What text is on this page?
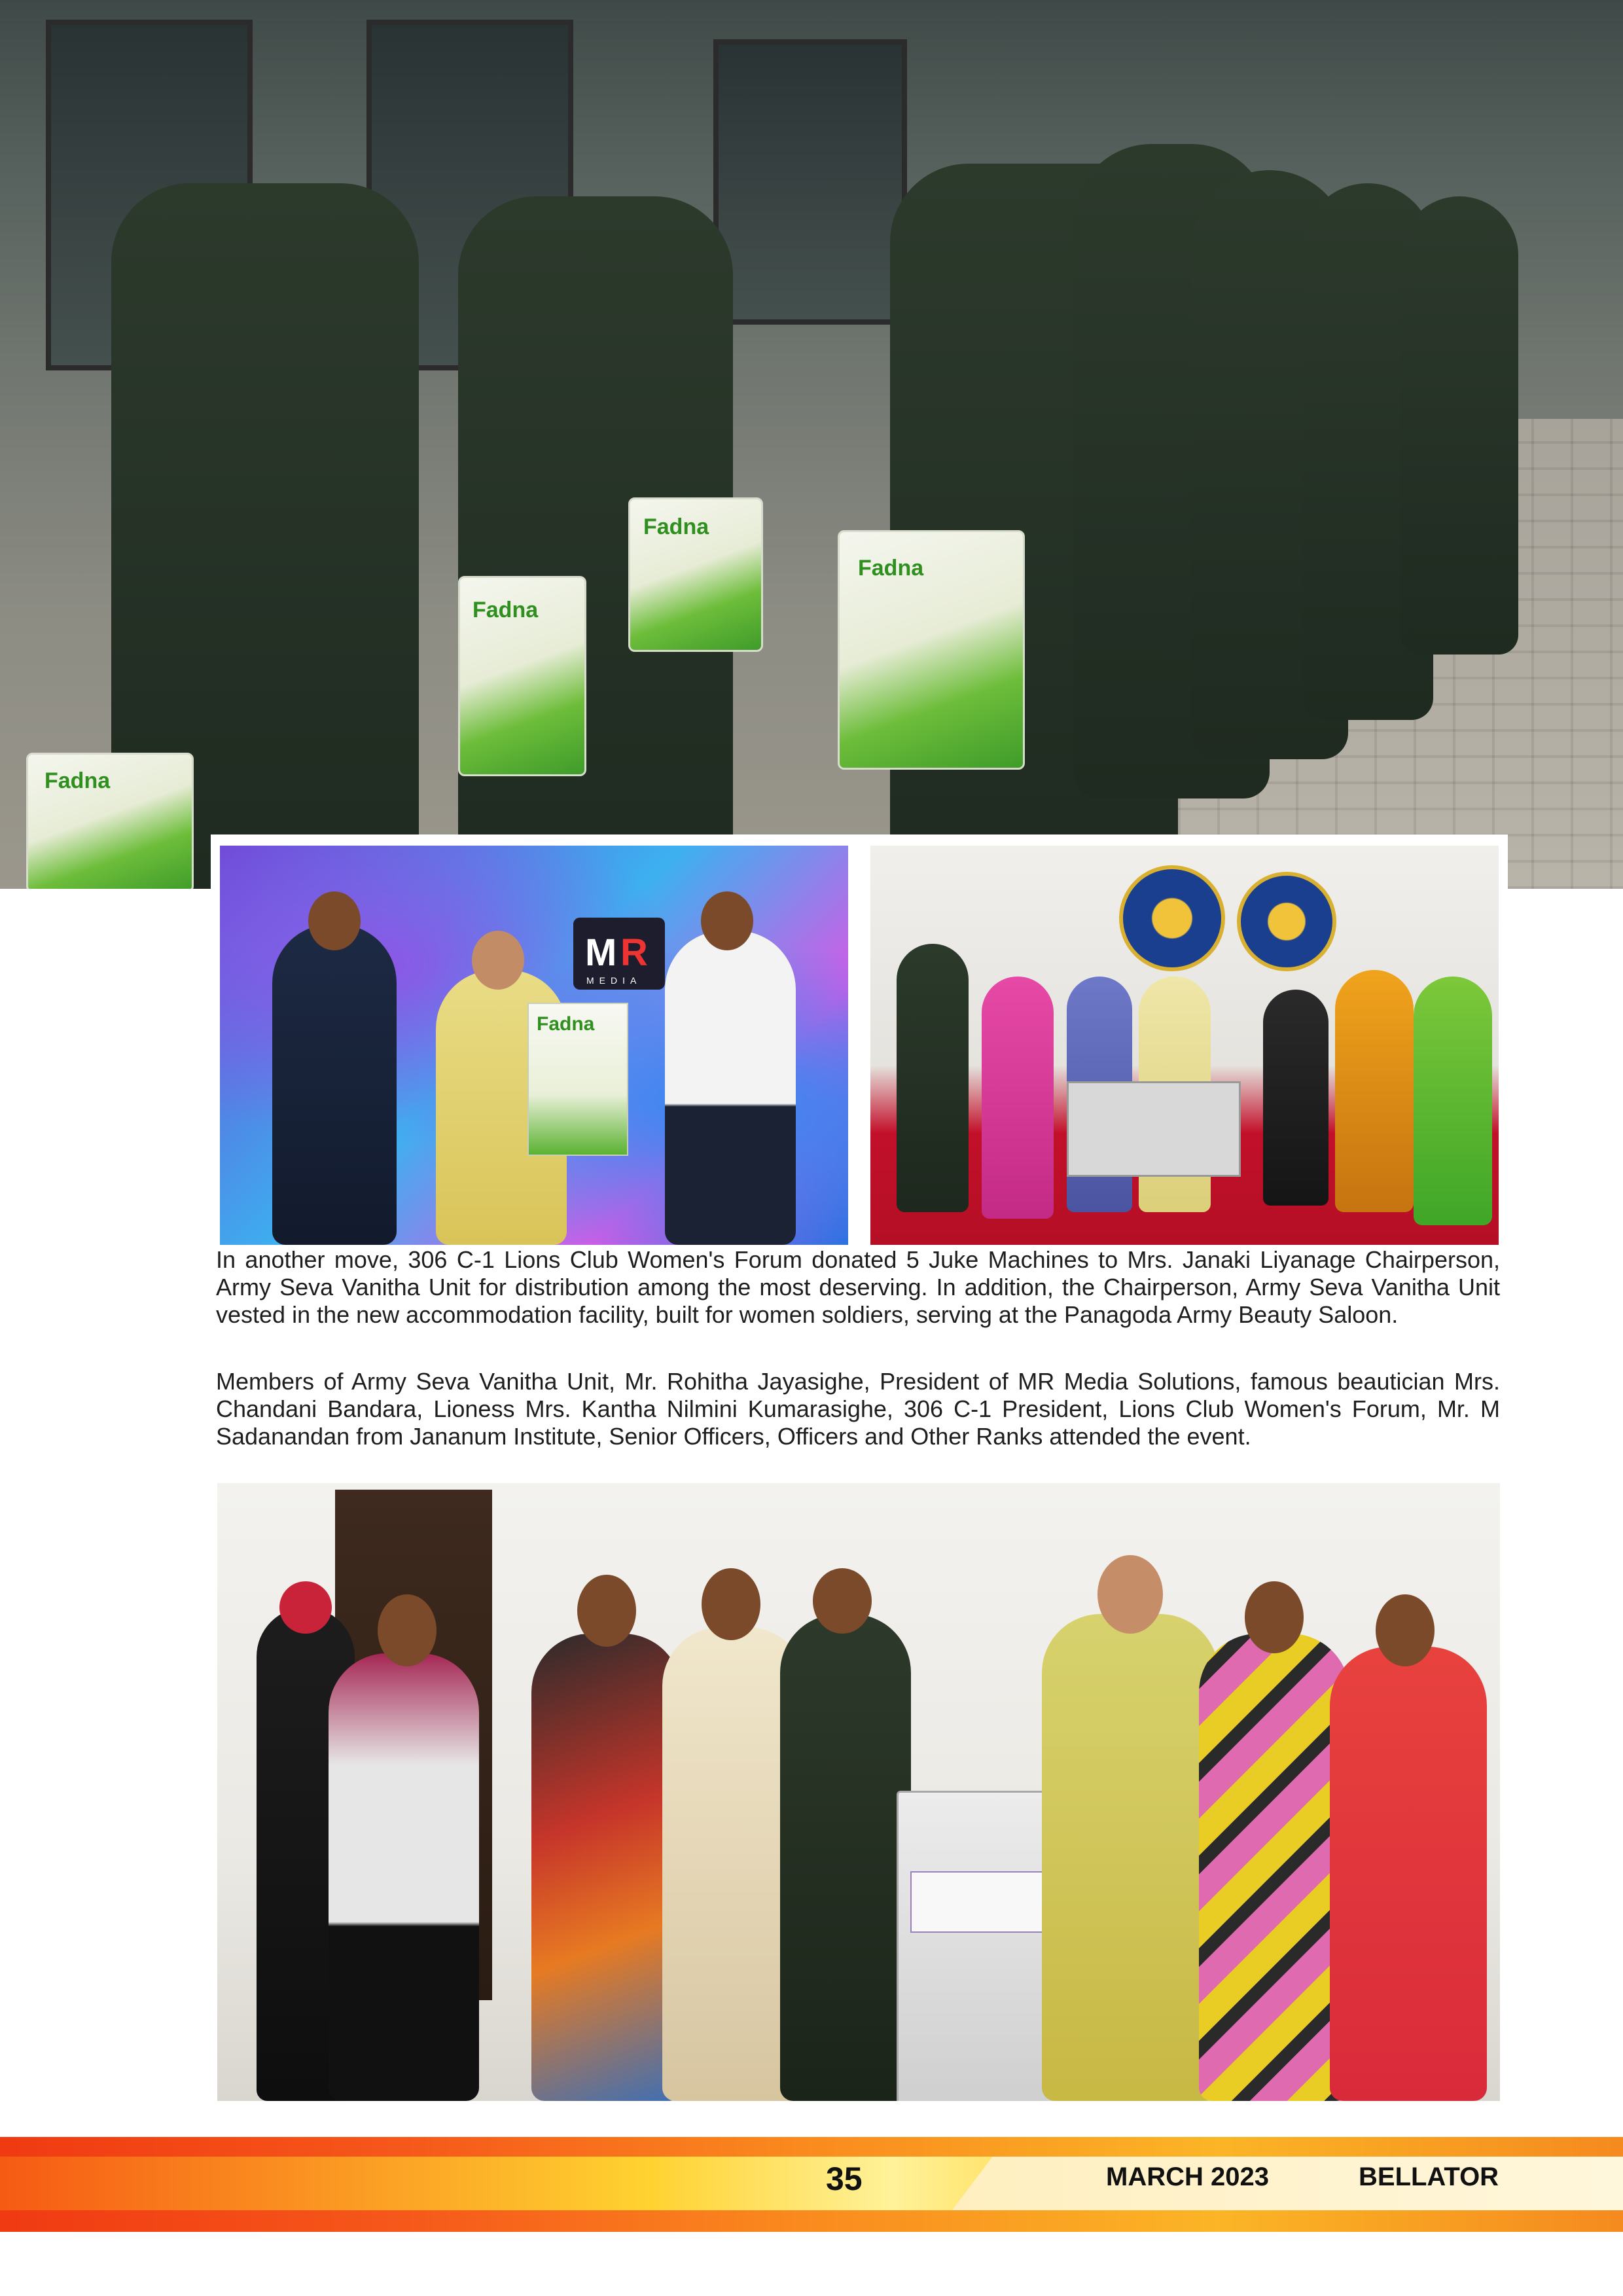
Fadna
Fadna
Fadna
Fadna
M R
MEDIA
Fadna

In another move, 306 C-1 Lions Club Women's Forum donated 5 Juke Machines to Mrs. Janaki Liyanage Chairperson, Army Seva Vanitha Unit for distribution among the most deserving. In addition, the Chairperson, Army Seva Vanitha Unit vested in the new accommodation facility, built for women soldiers, serving at the Panagoda Army Beauty Saloon.

Members of Army Seva Vanitha Unit, Mr. Rohitha Jayasighe, President of MR Media Solutions, famous beautician Mrs. Chandani Bandara, Lioness Mrs. Kantha Nilmini Kumarasighe, 306 C-1 President, Lions Club Women's Forum, Mr. M Sadanandan from Jananum Institute, Senior Officers, Officers and Other Ranks attended the event.

35	MARCH 2023	BELLATOR
